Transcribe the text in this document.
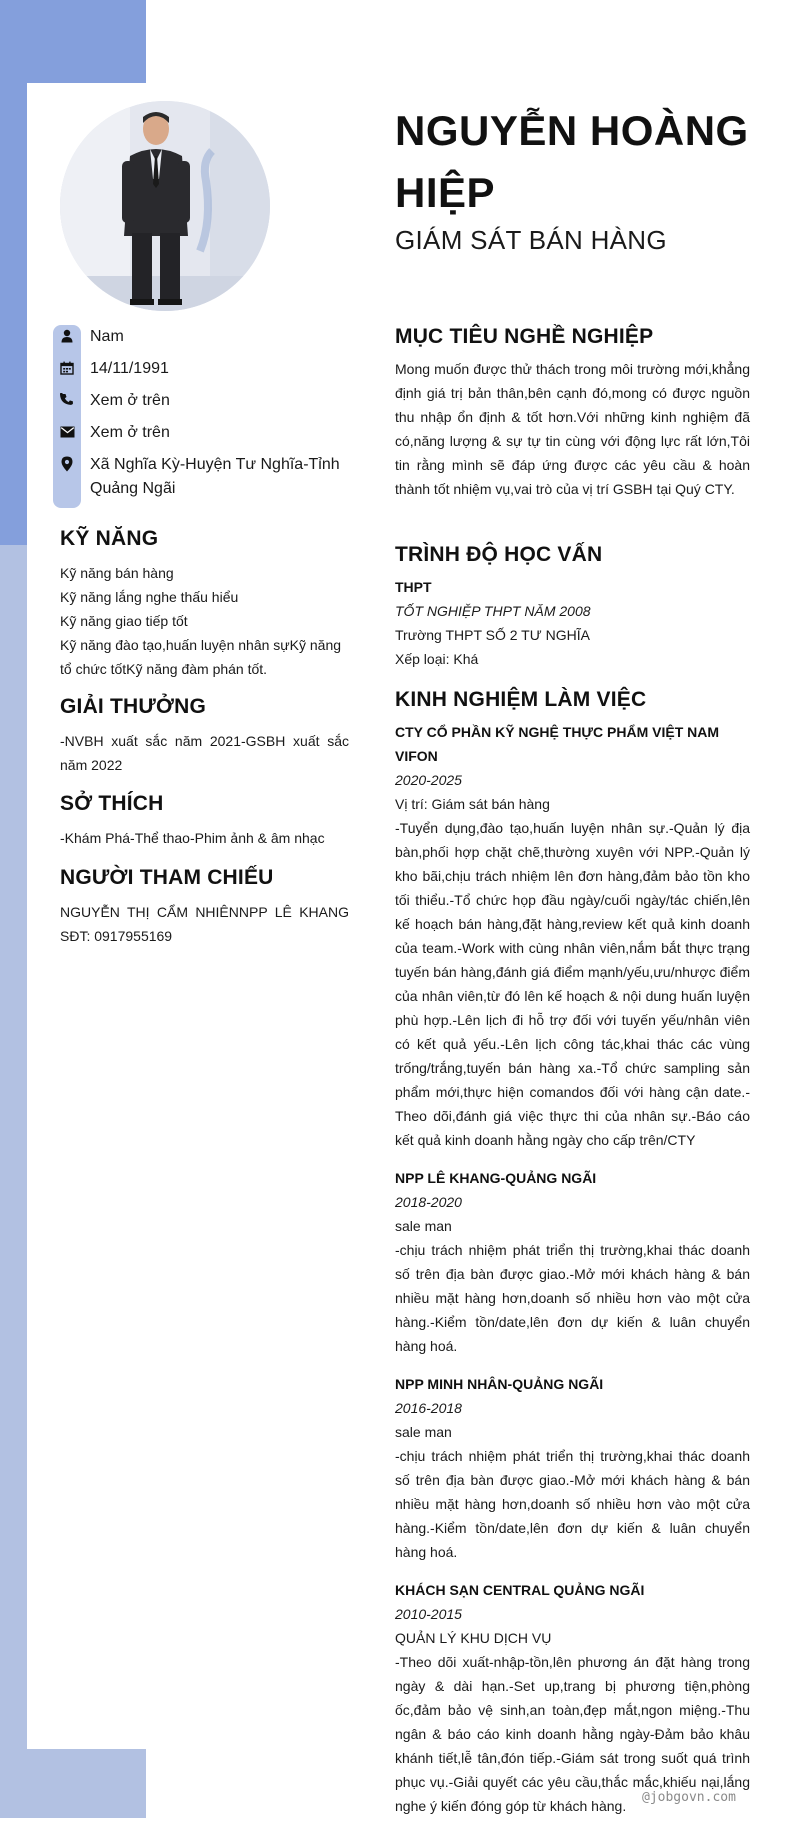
Nam
14/11/1991
Xem ở trên
Xem ở trên
Xã Nghĩa Kỳ-Huyện Tư Nghĩa-Tỉnh Quảng Ngãi
KỸ NĂNG
Kỹ năng bán hàng
Kỹ năng lắng nghe thấu hiểu
Kỹ năng giao tiếp tốt
Kỹ năng đào tạo,huấn luyện nhân sựKỹ năng tổ chức tốtKỹ năng đàm phán tốt.
GIẢI THƯỞNG
-NVBH xuất sắc năm 2021-GSBH xuất sắc năm 2022
SỞ THÍCH
-Khám Phá-Thể thao-Phim ảnh & âm nhạc
NGƯỜI THAM CHIẾU
NGUYỄN THỊ CẨM NHIÊNNPP LÊ KHANG SĐT: 0917955169
NGUYỄN HOÀNG HIỆP
GIÁM SÁT BÁN HÀNG
MỤC TIÊU NGHỀ NGHIỆP
Mong muốn được thử thách trong môi trường mới,khẳng định giá trị bản thân,bên cạnh đó,mong có được nguồn thu nhập ổn định & tốt hơn.Với những kinh nghiệm đã có,năng lượng & sự tự tin cùng với động lực rất lớn,Tôi tin rằng mình sẽ đáp ứng được các yêu cầu & hoàn thành tốt nhiệm vụ,vai trò của vị trí GSBH tại Quý CTY.
TRÌNH ĐỘ HỌC VẤN
THPT
TỐT NGHIỆP THPT NĂM 2008
Trường THPT SỐ 2 TƯ NGHĨA
Xếp loại: Khá
KINH NGHIỆM LÀM VIỆC
CTY CỔ PHẦN KỸ NGHỆ THỰC PHẨM VIỆT NAM VIFON
2020-2025
Vị trí: Giám sát bán hàng
-Tuyển dụng,đào tạo,huấn luyện nhân sự.-Quản lý địa bàn,phối hợp chặt chẽ,thường xuyên với NPP.-Quản lý kho bãi,chịu trách nhiệm lên đơn hàng,đảm bảo tồn kho tối thiểu.-Tổ chức họp đầu ngày/cuối ngày/tác chiến,lên kế hoạch bán hàng,đặt hàng,review kết quả kinh doanh của team.-Work with cùng nhân viên,nắm bắt thực trạng tuyến bán hàng,đánh giá điểm mạnh/yếu,ưu/nhược điểm của nhân viên,từ đó lên kế hoạch & nội dung huấn luyện phù hợp.-Lên lịch đi hỗ trợ đối với tuyến yếu/nhân viên có kết quả yếu.-Lên lịch công tác,khai thác các vùng trống/trắng,tuyến bán hàng xa.-Tổ chức sampling sản phẩm mới,thực hiện comandos đối với hàng cận date.-Theo dõi,đánh giá việc thực thi của nhân sự.-Báo cáo kết quả kinh doanh hằng ngày cho cấp trên/CTY
NPP LÊ KHANG-QUẢNG NGÃI
2018-2020
sale man
-chịu trách nhiệm phát triển thị trường,khai thác doanh số trên địa bàn được giao.-Mở mới khách hàng & bán nhiều mặt hàng hơn,doanh số nhiều hơn vào một cửa hàng.-Kiểm tồn/date,lên đơn dự kiến & luân chuyển hàng hoá.
NPP MINH NHÂN-QUẢNG NGÃI
2016-2018
sale man
-chịu trách nhiệm phát triển thị trường,khai thác doanh số trên địa bàn được giao.-Mở mới khách hàng & bán nhiều mặt hàng hơn,doanh số nhiều hơn vào một cửa hàng.-Kiểm tồn/date,lên đơn dự kiến & luân chuyển hàng hoá.
KHÁCH SẠN CENTRAL QUẢNG NGÃI
2010-2015
QUẢN LÝ KHU DỊCH VỤ
-Theo dõi xuất-nhập-tồn,lên phương án đặt hàng trong ngày & dài hạn.-Set up,trang bị phương tiện,phòng ốc,đảm bảo vệ sinh,an toàn,đẹp mắt,ngon miệng.-Thu ngân & báo cáo kinh doanh hằng ngày-Đảm bảo khâu khánh tiết,lễ tân,đón tiếp.-Giám sát trong suốt quá trình phục vụ.-Giải quyết các yêu cầu,thắc mắc,khiếu nại,lắng nghe ý kiến đóng góp từ khách hàng.
@jobgovn.com
